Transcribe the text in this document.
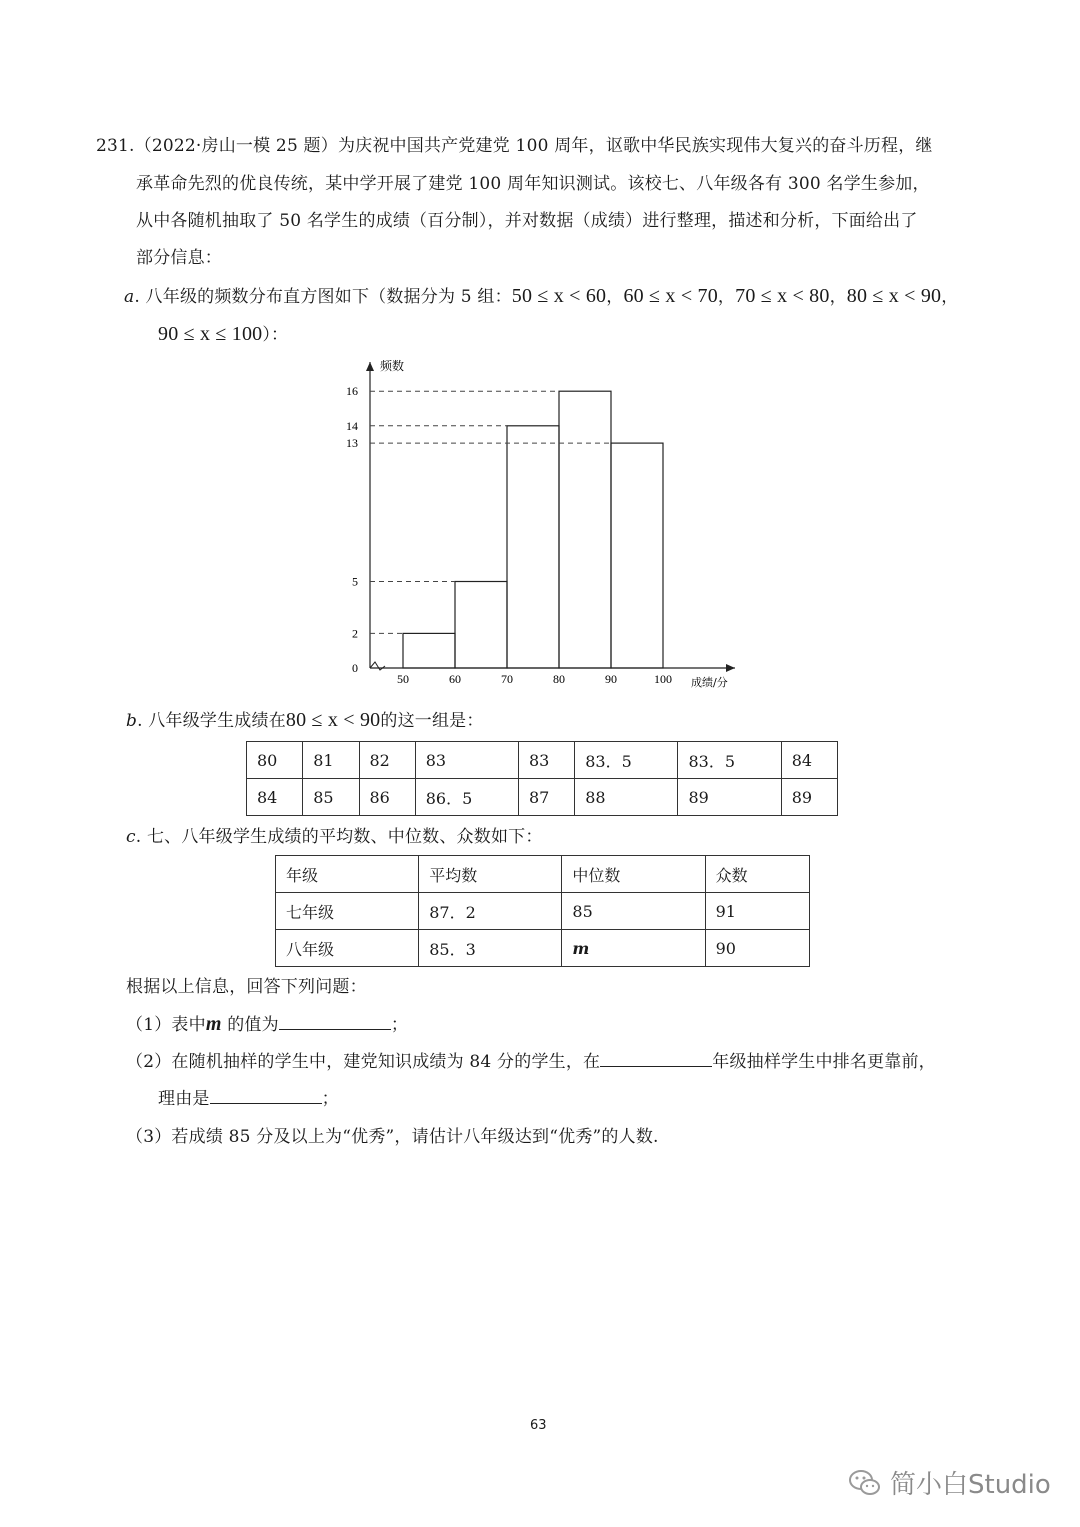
231.（2022·房山一模 25 题）为庆祝中国共产党建党 100 周年，讴歌中华民族实现伟大复兴的奋斗历程，继
承革命先烈的优良传统，某中学开展了建党 100 周年知识测试。该校七、八年级各有 300 名学生参加，
从中各随机抽取了 50 名学生的成绩（百分制），并对数据（成绩）进行整理，描述和分析，下面给出了
部分信息：
a. 八年级的频数分布直方图如下（数据分为 5 组：50 ≤ x < 60，60 ≤ x < 70，70 ≤ x < 80，80 ≤ x < 90，
90 ≤ x ≤ 100）：
0
2
5
13
14
16
50	60	70	80	90	100
频数
成绩/分
b. 八年级学生成绩在80 ≤ x < 90的这一组是：
80	81	82	83	83	83．5	83．5	84
84	85	86	86．5	87	88	89	89
c. 七、八年级学生成绩的平均数、中位数、众数如下：
年级	平均数	中位数	众数
七年级	87．2	85	91
八年级	85．3	m	90
根据以上信息，回答下列问题：
（1）表中m 的值为	；
（2）在随机抽样的学生中，建党知识成绩为 84 分的学生，在	年级抽样学生中排名更靠前，
理由是	；
（3）若成绩 85 分及以上为“优秀”，请估计八年级达到“优秀”的人数.
63
简小白Studio
